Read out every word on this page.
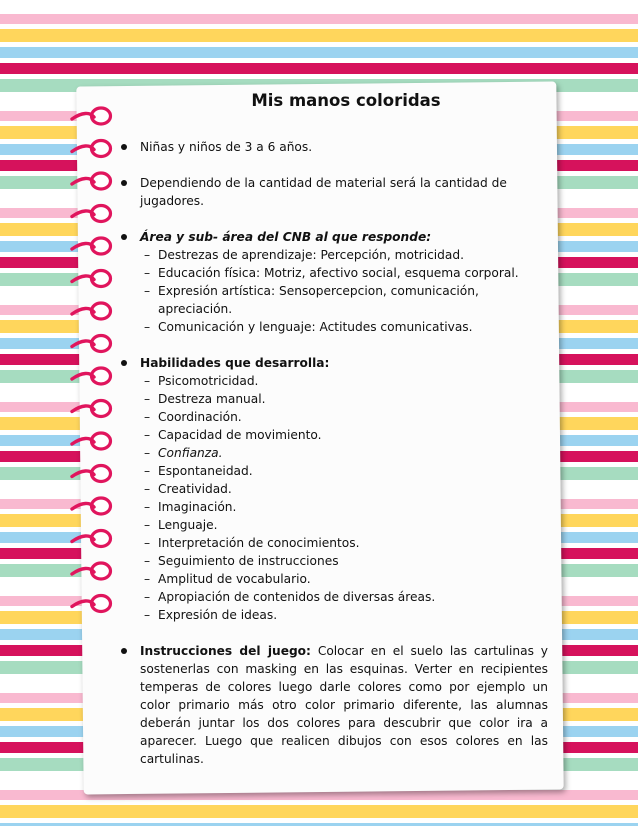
Mis manos coloridas
Niñas y niños de 3 a 6 años.
Dependiendo de la cantidad de material será la cantidad de jugadores.
Área y sub- área del CNB al que responde:
– Destrezas de aprendizaje: Percepción, motricidad.
– Educación física: Motriz, afectivo social, esquema corporal.
– Expresión artística: Sensopercepcion, comunicación, apreciación.
– Comunicación y lenguaje: Actitudes comunicativas.
Habilidades que desarrolla:
– Psicomotricidad.
– Destreza manual.
– Coordinación.
– Capacidad de movimiento.
– Confianza.
– Espontaneidad.
– Creatividad.
– Imaginación.
– Lenguaje.
– Interpretación de conocimientos.
– Seguimiento de instrucciones
– Amplitud de vocabulario.
– Apropiación de contenidos de diversas áreas.
– Expresión de ideas.
Instrucciones del juego: Colocar en el suelo las cartulinas y sostenerlas con masking en las esquinas. Verter en recipientes temperas de colores luego darle colores como por ejemplo un color primario más otro color primario diferente, las alumnas deberán juntar los dos colores para descubrir que color ira a aparecer. Luego que realicen dibujos con esos colores en las cartulinas.
